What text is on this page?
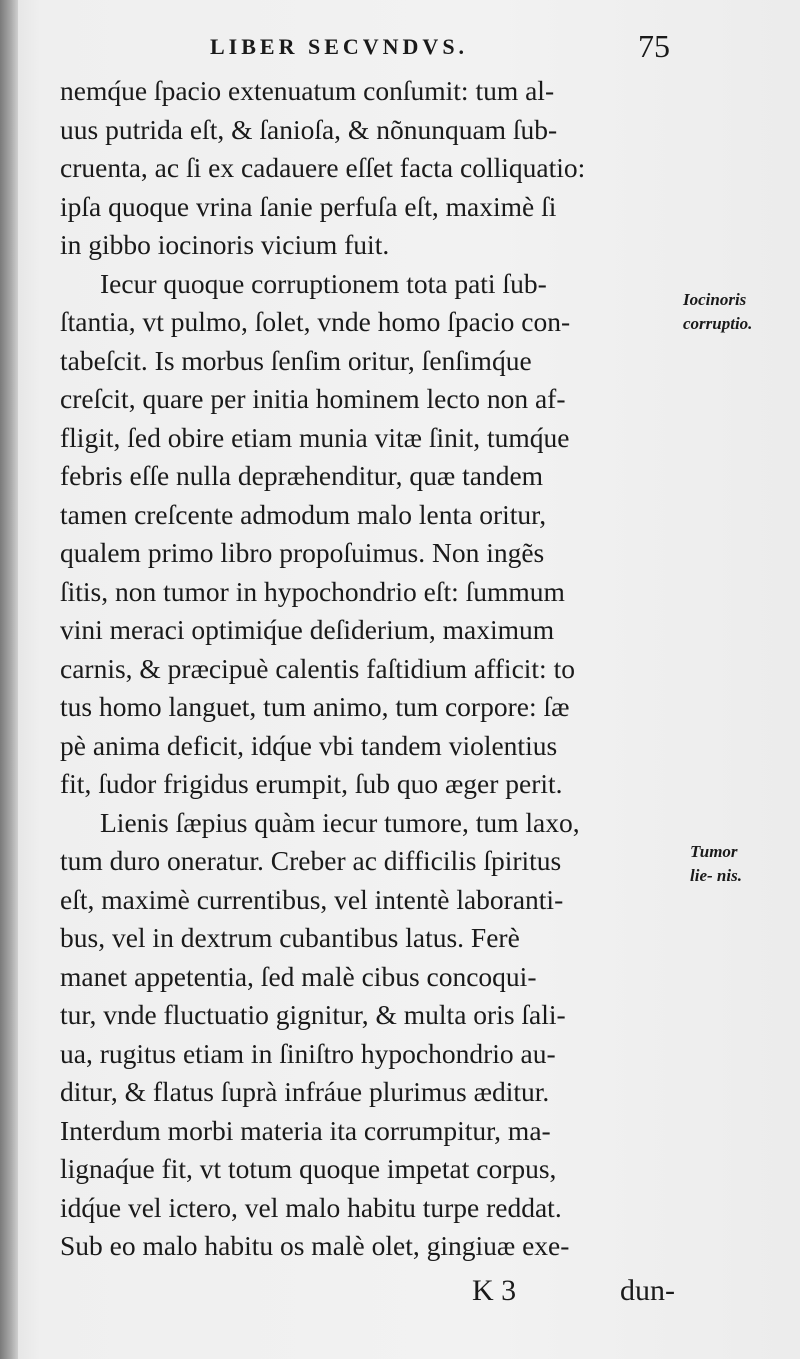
LIBER SECVNDVS.	75
nemq́ue ſpacio extenuatum conſumit: tum al-
uus putrida eſt, & ſanioſa, & nõnunquam ſub-
cruenta, ac ſi ex cadauere eſſet facta colliquatio:
ipſa quoque vrina ſanie perfuſa eſt, maximè ſi
in gibbo iocinoris vicium fuit.
Iecur quoque corruptionem tota pati ſub-
ſtantia, vt pulmo, ſolet, vnde homo ſpacio con-
tabeſcit. Is morbus ſenſim oritur, ſenſimq́ue
creſcit, quare per initia hominem lecto non af-
fligit, ſed obire etiam munia vitæ ſinit, tumq́ue
febris eſſe nulla depræhenditur, quæ tandem
tamen creſcente admodum malo lenta oritur,
qualem primo libro propoſuimus. Non ingẽs
ſitis, non tumor in hypochondrio eſt: ſummum
vini meraci optimiq́ue deſiderium, maximum
carnis, & præcipuè calentis faſtidium afficit: to
tus homo languet, tum animo, tum corpore: ſæ
pè anima deficit, idq́ue vbi tandem violentius
fit, ſudor frigidus erumpit, ſub quo æger perit.
Lienis ſæpius quàm iecur tumore, tum laxo,
tum duro oneratur. Creber ac difficilis ſpiritus
eſt, maximè currentibus, vel intentè laboranti-
bus, vel in dextrum cubantibus latus. Ferè
manet appetentia, ſed malè cibus concoqui-
tur, vnde fluctuatio gignitur, & multa oris ſali-
ua, rugitus etiam in ſiniſtro hypochondrio au-
ditur, & flatus ſuprà infráue plurimus æditur.
Interdum morbi materia ita corrumpitur, ma-
lignaq́ue fit, vt totum quoque impetat corpus,
idq́ue vel ictero, vel malo habitu turpe reddat.
Sub eo malo habitu os malè olet, gingiuæ exe-
Iocinoris
corruptio.
Tumor
lie- nis.
K 3	dun-
